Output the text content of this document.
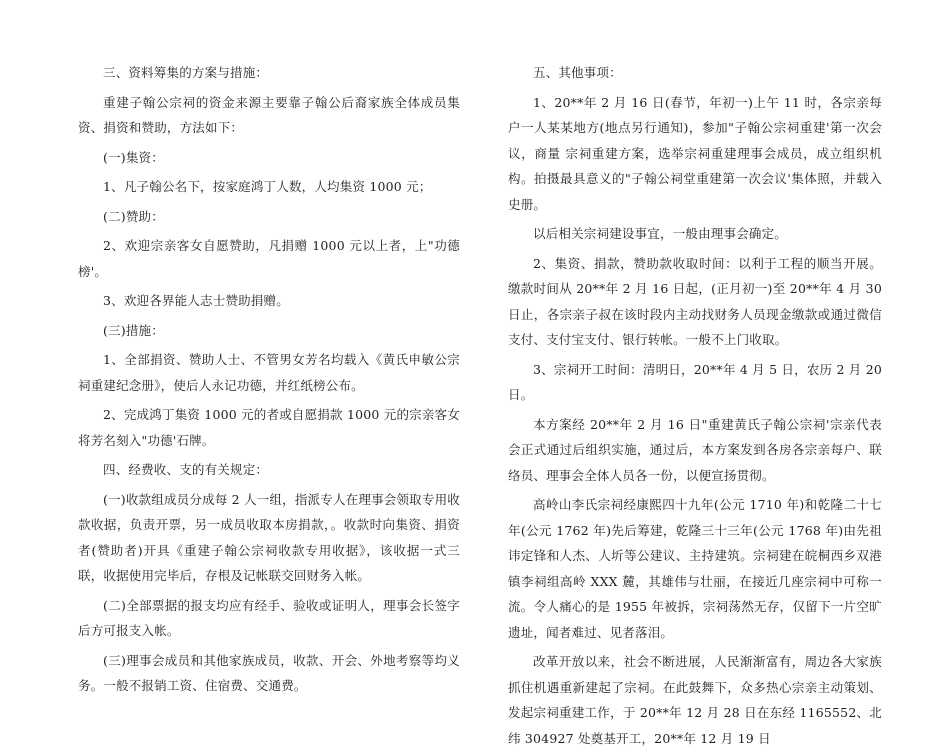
三、资料筹集的方案与措施：

重建子翰公宗祠的资金来源主要靠子翰公后裔家族全体成员集资、捐资和赞助，方法如下：

(一)集资：

1、凡子翰公名下，按家庭鸿丁人数，人均集资 1000 元；

(二)赞助：

2、欢迎宗亲客女自愿赞助，凡捐赠 1000 元以上者，上"功德榜'。

3、欢迎各界能人志士赞助捐赠。

(三)措施：

1、全部捐资、赞助人士、不管男女芳名均载入《黄氏申敏公宗祠重建纪念册》，使后人永记功德，并红纸榜公布。

2、完成鸿丁集资 1000 元的者或自愿捐款 1000 元的宗亲客女将芳名刻入"功德'石牌。

四、经费收、支的有关规定：

(一)收款组成员分成每 2 人一组，指派专人在理事会领取专用收款收据，负责开票，另一成员收取本房捐款，。收款时向集资、捐资者(赞助者)开具《重建子翰公宗祠收款专用收据》，该收据一式三联，收据使用完毕后，存根及记帐联交回财务入帐。

(二)全部票据的报支均应有经手、验收或证明人，理事会长签字后方可报支入帐。

(三)理事会成员和其他家族成员，收款、开会、外地考察等均义务。一般不报销工资、住宿费、交通费。

五、其他事项：

1、20**年 2 月 16 日(春节，年初一)上午 11 时，各宗亲每户一人某某地方(地点另行通知)，参加"子翰公宗祠重建'第一次会议，商量 宗祠重建方案，选举宗祠重建理事会成员，成立组织机构。拍摄最具意义的"子翰公祠堂重建第一次会议'集体照，并载入史册。

以后相关宗祠建设事宜，一般由理事会确定。

2、集资、捐款，赞助款收取时间：以利于工程的顺当开展。缴款时间从 20**年 2 月 16 日起，(正月初一)至 20**年 4 月 30 日止，各宗亲子叔在该时段内主动找财务人员现金缴款或通过微信支付、支付宝支付、银行转帐。一般不上门收取。

3、宗祠开工时间：清明日，20**年 4 月 5 日，农历 2 月 20 日。

本方案经 20**年 2 月 16 日"重建黄氏子翰公宗祠'宗亲代表会正式通过后组织实施，通过后，本方案发到各房各宗亲每户、联络员、理事会全体人员各一份，以便宣扬贯彻。

高岭山李氏宗祠经康熙四十九年(公元 1710 年)和乾隆二十七年(公元 1762 年)先后筹建，乾隆三十三年(公元 1768 年)由先祖讳定锋和人杰、人圻等公建议、主持建筑。宗祠建在皖桐西乡双港镇李祠组高岭 XXX 麓，其雄伟与壮丽，在接近几座宗祠中可称一流。令人痛心的是 1955 年被拆，宗祠荡然无存，仅留下一片空旷遗址，闻者难过、见者落泪。

改革开放以来，社会不断进展，人民渐渐富有，周边各大家族抓住机遇重新建起了宗祠。在此鼓舞下，众多热心宗亲主动策划、发起宗祠重建工作，于 20**年 12 月 28 日在东经 1165552、北纬 304927 处奠基开工，20**年 12 月 19 日
